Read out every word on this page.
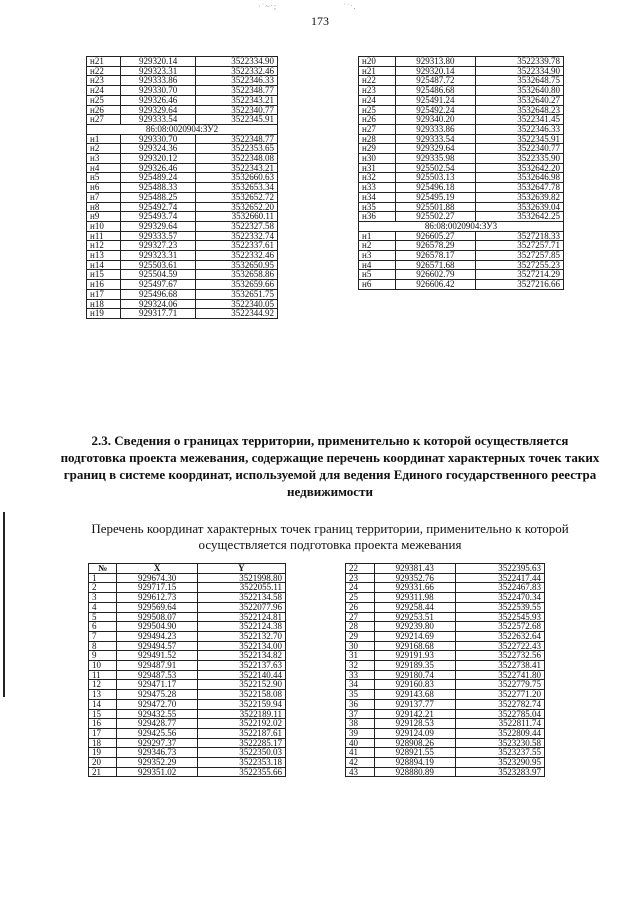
173
·˙~ˑ;	˙˙ˑ.
н21	929320.14	3522334.90
н22	929323.31	3522332.46
н23	929333.86	3522346.33
н24	929330.70	3522348.77
н25	929326.46	3522343.21
н26	929329.64	3522340.77
н27	929333.54	3522345.91
86:08:0020904:ЗУ2		
н1	929330.70	3522348.77
н2	929324.36	3522353.65
н3	929320.12	3522348.08
н4	929326.46	3522343.21
н5	925489.24	3532660.63
н6	925488.33	3532653.34
н7	925488.25	3532652.72
н8	925492.74	3532652.20
н9	925493.74	3532660.11
н10	929329.64	3522327.58
н11	929333.57	3522332.74
н12	929327.23	3522337.61
н13	929323.31	3522332.46
н14	925503.61	3532650.95
н15	925504.59	3532658.86
н16	925497.67	3532659.66
н17	925496.68	3532651.75
н18	929324.06	3522340.05
н19	929317.71	3522344.92
н20	929313.80	3522339.78
н21	929320.14	3522334.90
н22	925487.72	3532648.75
н23	925486.68	3532640.80
н24	925491.24	3532640.27
н25	925492.24	3532648.23
н26	929340.20	3522341.45
н27	929333.86	3522346.33
н28	929333.54	3522345.91
н29	929329.64	3522340.77
н30	929335.98	3522335.90
н31	925502.54	3532642.20
н32	925503.13	3532646.98
н33	925496.18	3532647.78
н34	925495.19	3532639.82
н35	925501.88	3532639.04
н36	925502.27	3532642.25
86:08:0020904:ЗУ3		
н1	926605.27	3527218.33
н2	926578.29	3527257.71
н3	926578.17	3527257.85
н4	926571.68	3527255.23
н5	926602.79	3527214.29
н6	926606.42	3527216.66
2.3. Сведения о границах территории, применительно к которой осуществляется подготовка проекта межевания, содержащие перечень координат характерных точек таких границ в системе координат, используемой для ведения Единого государственного реестра недвижимости
Перечень координат характерных точек границ территории, применительно к которой осуществляется подготовка проекта межевания
№	X	Y
1	929674.30	3521998.80
2	929717.15	3522055.11
3	929612.73	3522134.58
4	929569.64	3522077.96
5	929508.07	3522124.81
6	929504.90	3522124.38
7	929494.23	3522132.70
8	929494.57	3522134.00
9	929491.52	3522134.82
10	929487.91	3522137.63
11	929487.53	3522140.44
12	929471.17	3522152.90
13	929475.28	3522158.08
14	929472.70	3522159.94
15	929432.55	3522189.11
16	929428.77	3522192.02
17	929425.56	3522187.61
18	929297.37	3522285.17
19	929346.73	3522350.03
20	929352.29	3522353.18
21	929351.02	3522355.66
22	929381.43	3522395.63
23	929352.76	3522417.44
24	929331.66	3522467.83
25	929311.98	3522470.34
26	929258.44	3522539.55
27	929253.51	3522545.93
28	929239.80	3522572.68
29	929214.69	3522632.64
30	929168.68	3522722.43
31	929191.93	3522732.56
32	929189.35	3522738.41
33	929180.74	3522741.80
34	929160.83	3522779.75
35	929143.68	3522771.20
36	929137.77	3522782.74
37	929142.21	3522785.04
38	929128.53	3522811.74
39	929124.09	3522809.44
40	928908.26	3523230.58
41	928921.55	3523237.55
42	928894.19	3523290.95
43	928880.89	3523283.97
